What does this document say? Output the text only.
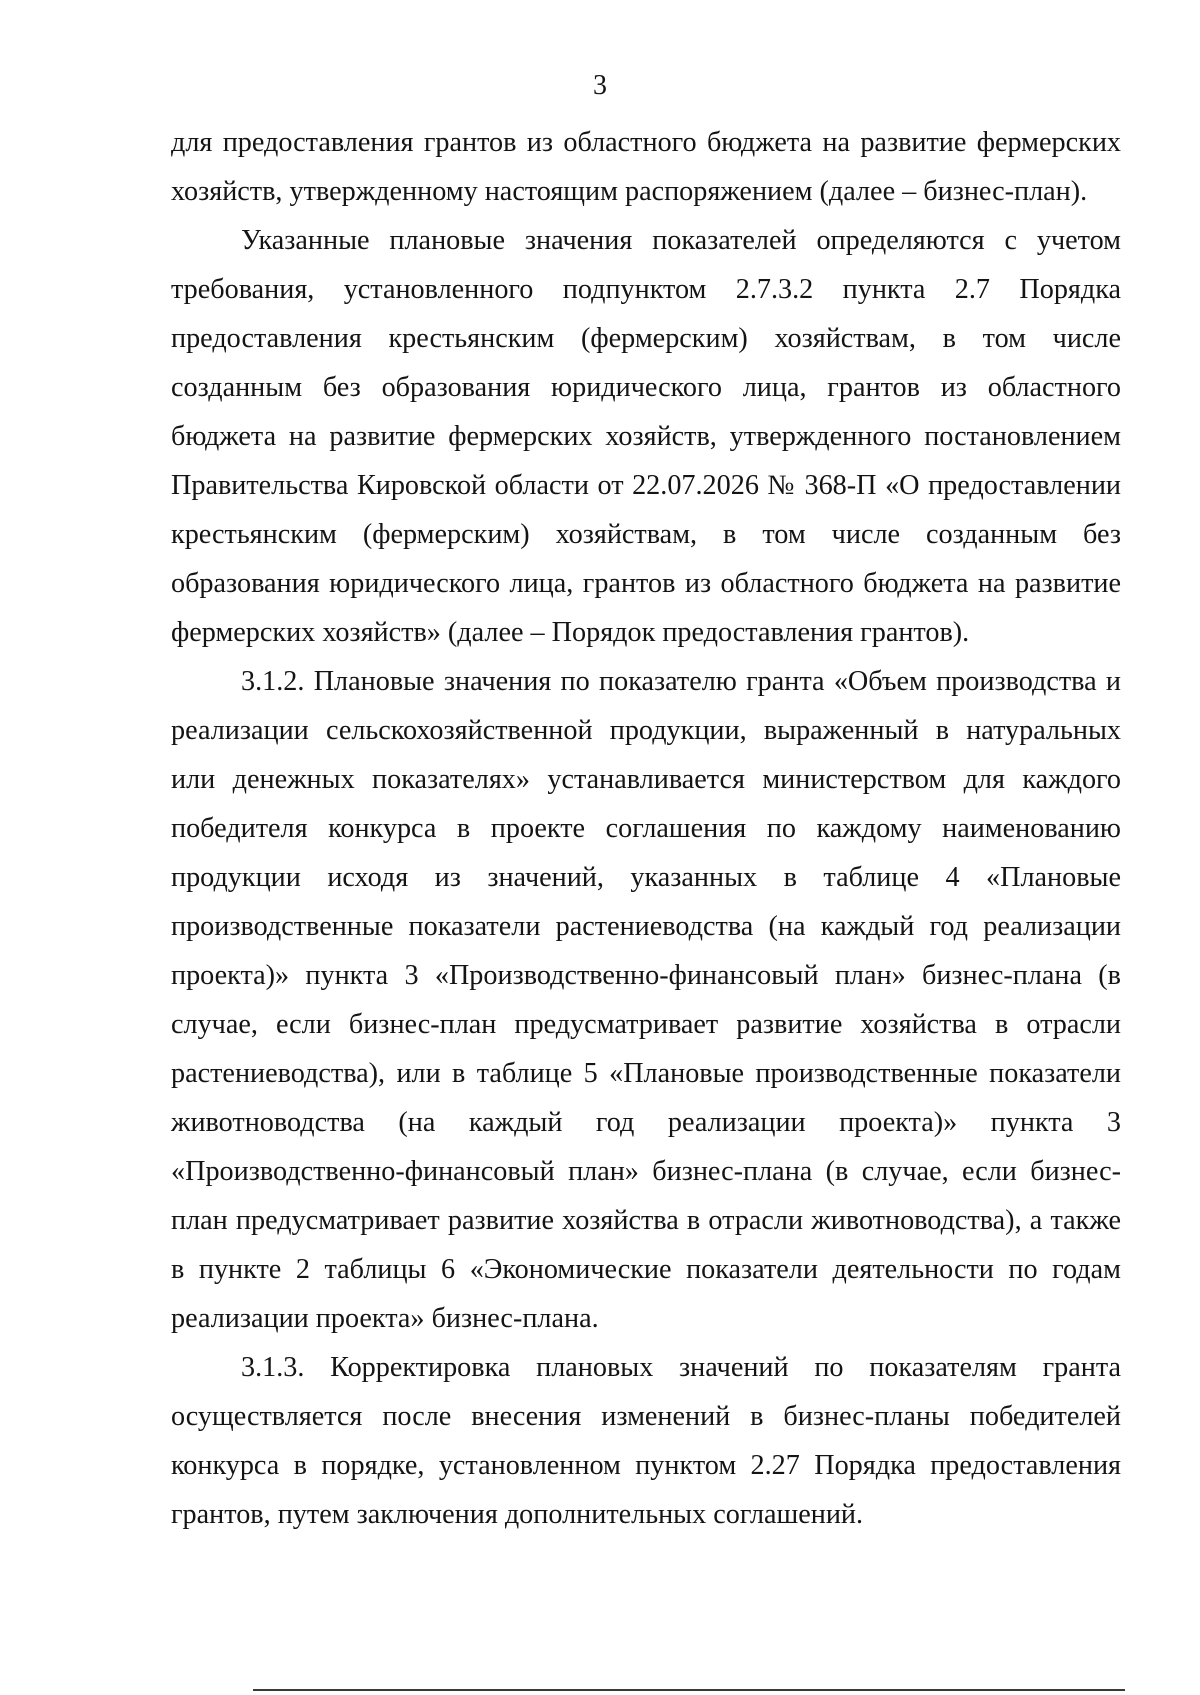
3

для предоставления грантов из областного бюджета на развитие фермерских хозяйств, утвержденному настоящим распоряжением (далее – бизнес-план).

Указанные плановые значения показателей определяются с учетом требования, установленного подпунктом 2.7.3.2 пункта 2.7 Порядка предоставления крестьянским (фермерским) хозяйствам, в том числе созданным без образования юридического лица, грантов из областного бюджета на развитие фермерских хозяйств, утвержденного постановлением Правительства Кировской области от 22.07.2026 № 368-П «О предоставлении крестьянским (фермерским) хозяйствам, в том числе созданным без образования юридического лица, грантов из областного бюджета на развитие фермерских хозяйств» (далее – Порядок предоставления грантов).

3.1.2. Плановые значения по показателю гранта «Объем производства и реализации сельскохозяйственной продукции, выраженный в натуральных или денежных показателях» устанавливается министерством для каждого победителя конкурса в проекте соглашения по каждому наименованию продукции исходя из значений, указанных в таблице 4 «Плановые производственные показатели растениеводства (на каждый год реализации проекта)» пункта 3 «Производственно-финансовый план» бизнес-плана (в случае, если бизнес-план предусматривает развитие хозяйства в отрасли растениеводства), или в таблице 5 «Плановые производственные показатели животноводства (на каждый год реализации проекта)» пункта 3 «Производственно-финансовый план» бизнес-плана (в случае, если бизнес-план предусматривает развитие хозяйства в отрасли животноводства), а также в пункте 2 таблицы 6 «Экономические показатели деятельности по годам реализации проекта» бизнес-плана.

3.1.3. Корректировка плановых значений по показателям гранта осуществляется после внесения изменений в бизнес-планы победителей конкурса в порядке, установленном пунктом 2.27 Порядка предоставления грантов, путем заключения дополнительных соглашений.
